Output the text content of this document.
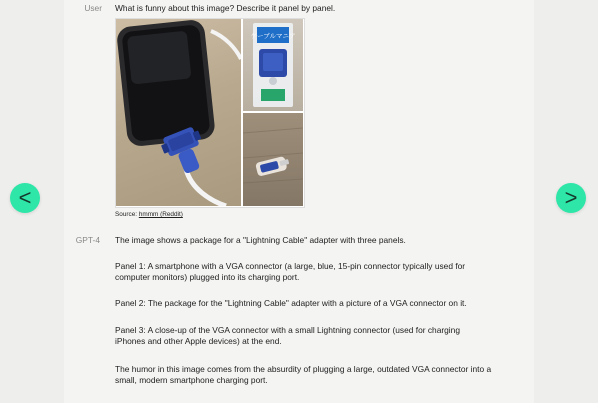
User What is funny about this image? Describe it panel by panel.
ケーブルマニア
Source: hmmm (Reddit)
GPT-4 The image shows a package for a "Lightning Cable" adapter with three panels.
Panel 1: A smartphone with a VGA connector (a large, blue, 15-pin connector typically used for computer monitors) plugged into its charging port.
Panel 2: The package for the "Lightning Cable" adapter with a picture of a VGA connector on it.
Panel 3: A close-up of the VGA connector with a small Lightning connector (used for charging iPhones and other Apple devices) at the end.
The humor in this image comes from the absurdity of plugging a large, outdated VGA connector into a small, modern smartphone charging port.
<	>
